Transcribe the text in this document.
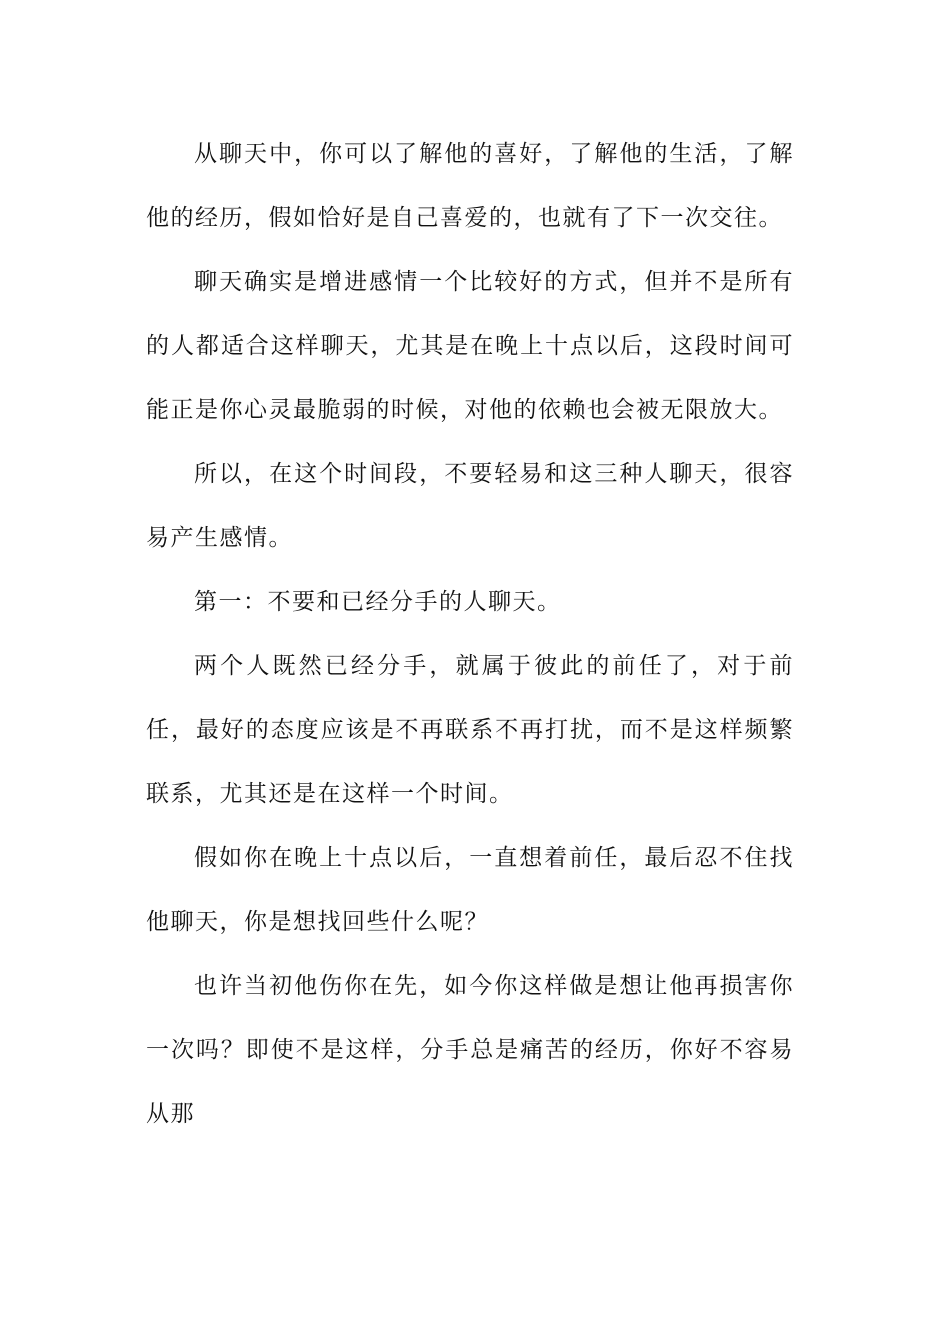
从聊天中，你可以了解他的喜好，了解他的生活，了解他的经历，假如恰好是自己喜爱的，也就有了下一次交往。

聊天确实是增进感情一个比较好的方式，但并不是所有的人都适合这样聊天，尤其是在晚上十点以后，这段时间可能正是你心灵最脆弱的时候，对他的依赖也会被无限放大。

所以，在这个时间段，不要轻易和这三种人聊天，很容易产生感情。

第一：不要和已经分手的人聊天。

两个人既然已经分手，就属于彼此的前任了，对于前任，最好的态度应该是不再联系不再打扰，而不是这样频繁联系，尤其还是在这样一个时间。

假如你在晚上十点以后，一直想着前任，最后忍不住找他聊天，你是想找回些什么呢？

也许当初他伤你在先，如今你这样做是想让他再损害你一次吗？即使不是这样，分手总是痛苦的经历，你好不容易从那
